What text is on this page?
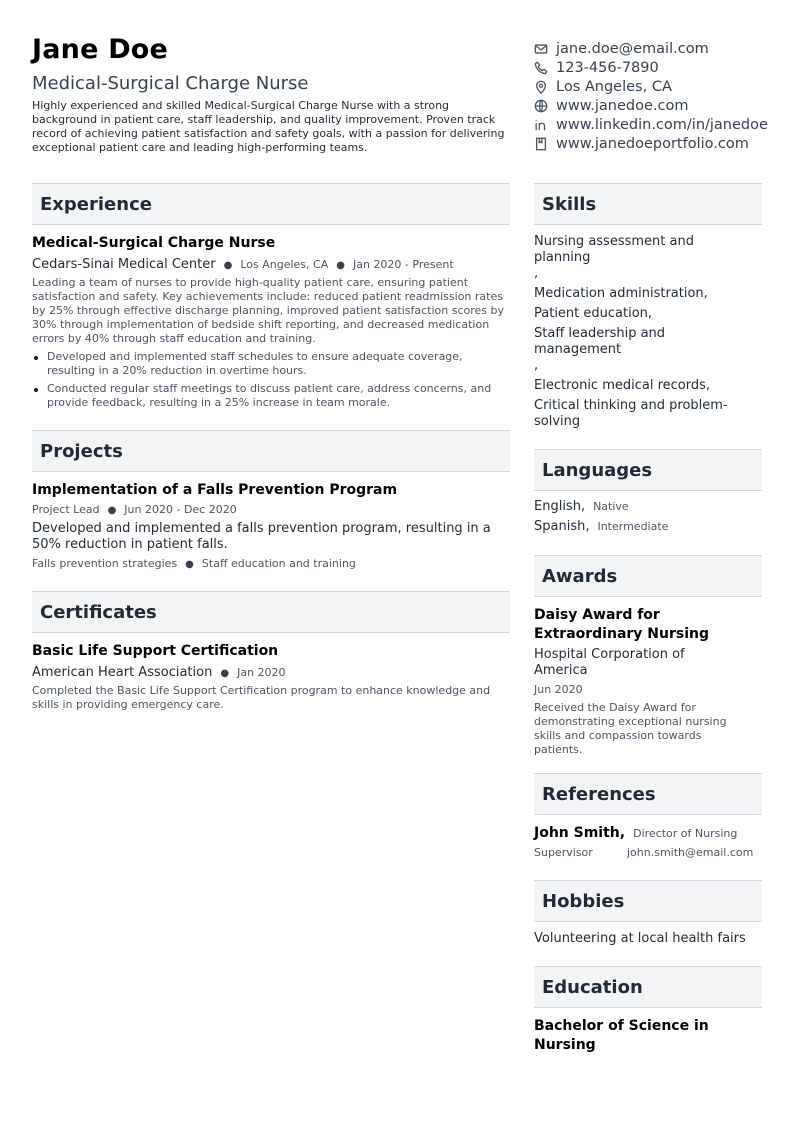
Jane Doe
Medical-Surgical Charge Nurse
Highly experienced and skilled Medical-Surgical Charge Nurse with a strong background in patient care, staff leadership, and quality improvement. Proven track record of achieving patient satisfaction and safety goals, with a passion for delivering exceptional patient care and leading high-performing teams.
jane.doe@email.com
123-456-7890
Los Angeles, CA
www.janedoe.com
www.linkedin.com/in/janedoe
www.janedoeportfolio.com
Experience
Medical-Surgical Charge Nurse
Cedars-Sinai Medical Center ● Los Angeles, CA ● Jan 2020 - Present
Leading a team of nurses to provide high-quality patient care, ensuring patient satisfaction and safety. Key achievements include: reduced patient readmission rates by 25% through effective discharge planning, improved patient satisfaction scores by 30% through implementation of bedside shift reporting, and decreased medication errors by 40% through staff education and training.
Developed and implemented staff schedules to ensure adequate coverage, resulting in a 20% reduction in overtime hours.
Conducted regular staff meetings to discuss patient care, address concerns, and provide feedback, resulting in a 25% increase in team morale.
Projects
Implementation of a Falls Prevention Program
Project Lead ● Jun 2020 - Dec 2020
Developed and implemented a falls prevention program, resulting in a 50% reduction in patient falls.
Falls prevention strategies ● Staff education and training
Certificates
Basic Life Support Certification
American Heart Association ● Jan 2020
Completed the Basic Life Support Certification program to enhance knowledge and skills in providing emergency care.
Skills
Nursing assessment and planning
,
Medication administration,
Patient education,
Staff leadership and management
,
Electronic medical records,
Critical thinking and problem-solving
Languages
English, Native
Spanish, Intermediate
Awards
Daisy Award for Extraordinary Nursing
Hospital Corporation of America
Jun 2020
Received the Daisy Award for demonstrating exceptional nursing skills and compassion towards patients.
References
John Smith, Director of Nursing
Supervisor	john.smith@email.com
Hobbies
Volunteering at local health fairs
Education
Bachelor of Science in Nursing
